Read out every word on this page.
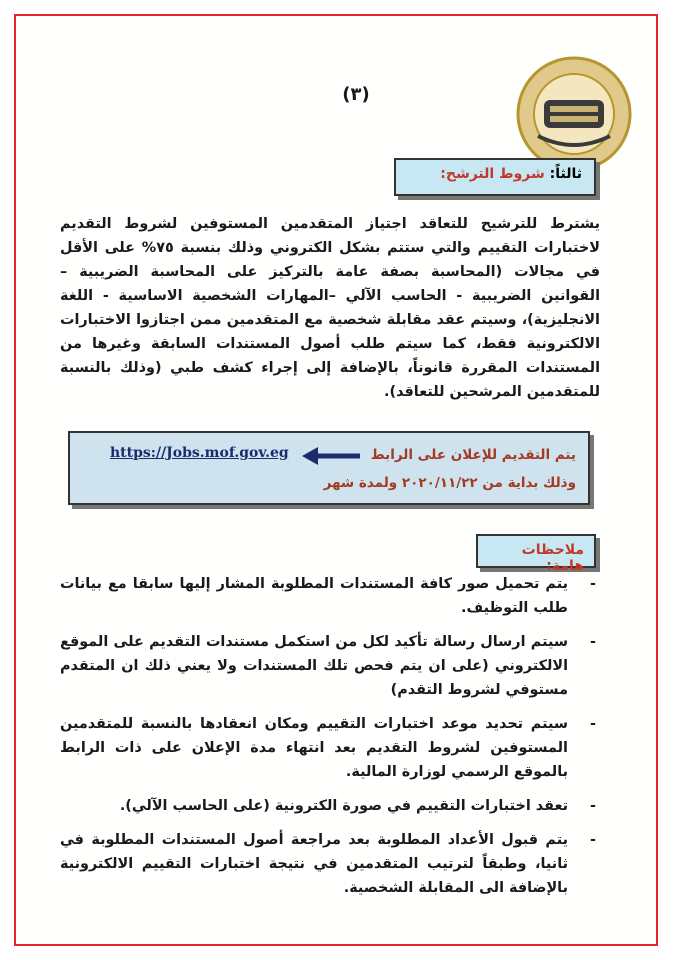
(٣)
ثالثاً: شروط الترشح:
يشترط للترشيح للتعاقد اجتياز المتقدمين المستوفين لشروط التقديم لاختبارات التقييم والتي ستتم بشكل الكتروني وذلك بنسبة ٧٥% على الأقل في مجالات (المحاسبة بصفة عامة بالتركيز على المحاسبة الضريبية – القوانين الضريبية - الحاسب الآلي –المهارات الشخصية الاساسية - اللغة الانجليزية)، وسيتم عقد مقابلة شخصية مع المتقدمين ممن اجتازوا الاختبارات الالكترونية فقط، كما سيتم طلب أصول المستندات السابقة وغيرها من المستندات المقررة قانوناً، بالإضافة إلى إجراء كشف طبي (وذلك بالنسبة للمتقدمين المرشحين للتعاقد).
يتم التقديم للإعلان على الرابط
https://Jobs.mof.gov.eg
وذلك بداية من ٢٠٢٠/١١/٢٢ ولمدة شهر
ملاحظات هامة:
-
يتم تحميل صور كافة المستندات المطلوبة المشار إليها سابقا مع بيانات طلب التوظيف.
-
سيتم ارسال رسالة تأكيد لكل من استكمل مستندات التقديم على الموقع الالكتروني (على ان يتم فحص تلك المستندات ولا يعني ذلك ان المتقدم مستوفي لشروط التقدم)
-
سيتم تحديد موعد اختبارات التقييم ومكان انعقادها بالنسبة للمتقدمين المستوفين لشروط التقديم بعد انتهاء مدة الإعلان على ذات الرابط بالموقع الرسمي لوزارة المالية.
-
تعقد اختبارات التقييم في صورة الكترونية (على الحاسب الآلي).
-
يتم قبول الأعداد المطلوبة بعد مراجعة أصول المستندات المطلوبة في ثانيا، وطبقاً لترتيب المتقدمين في نتيجة اختبارات التقييم الالكترونية بالإضافة الى المقابلة الشخصية.
